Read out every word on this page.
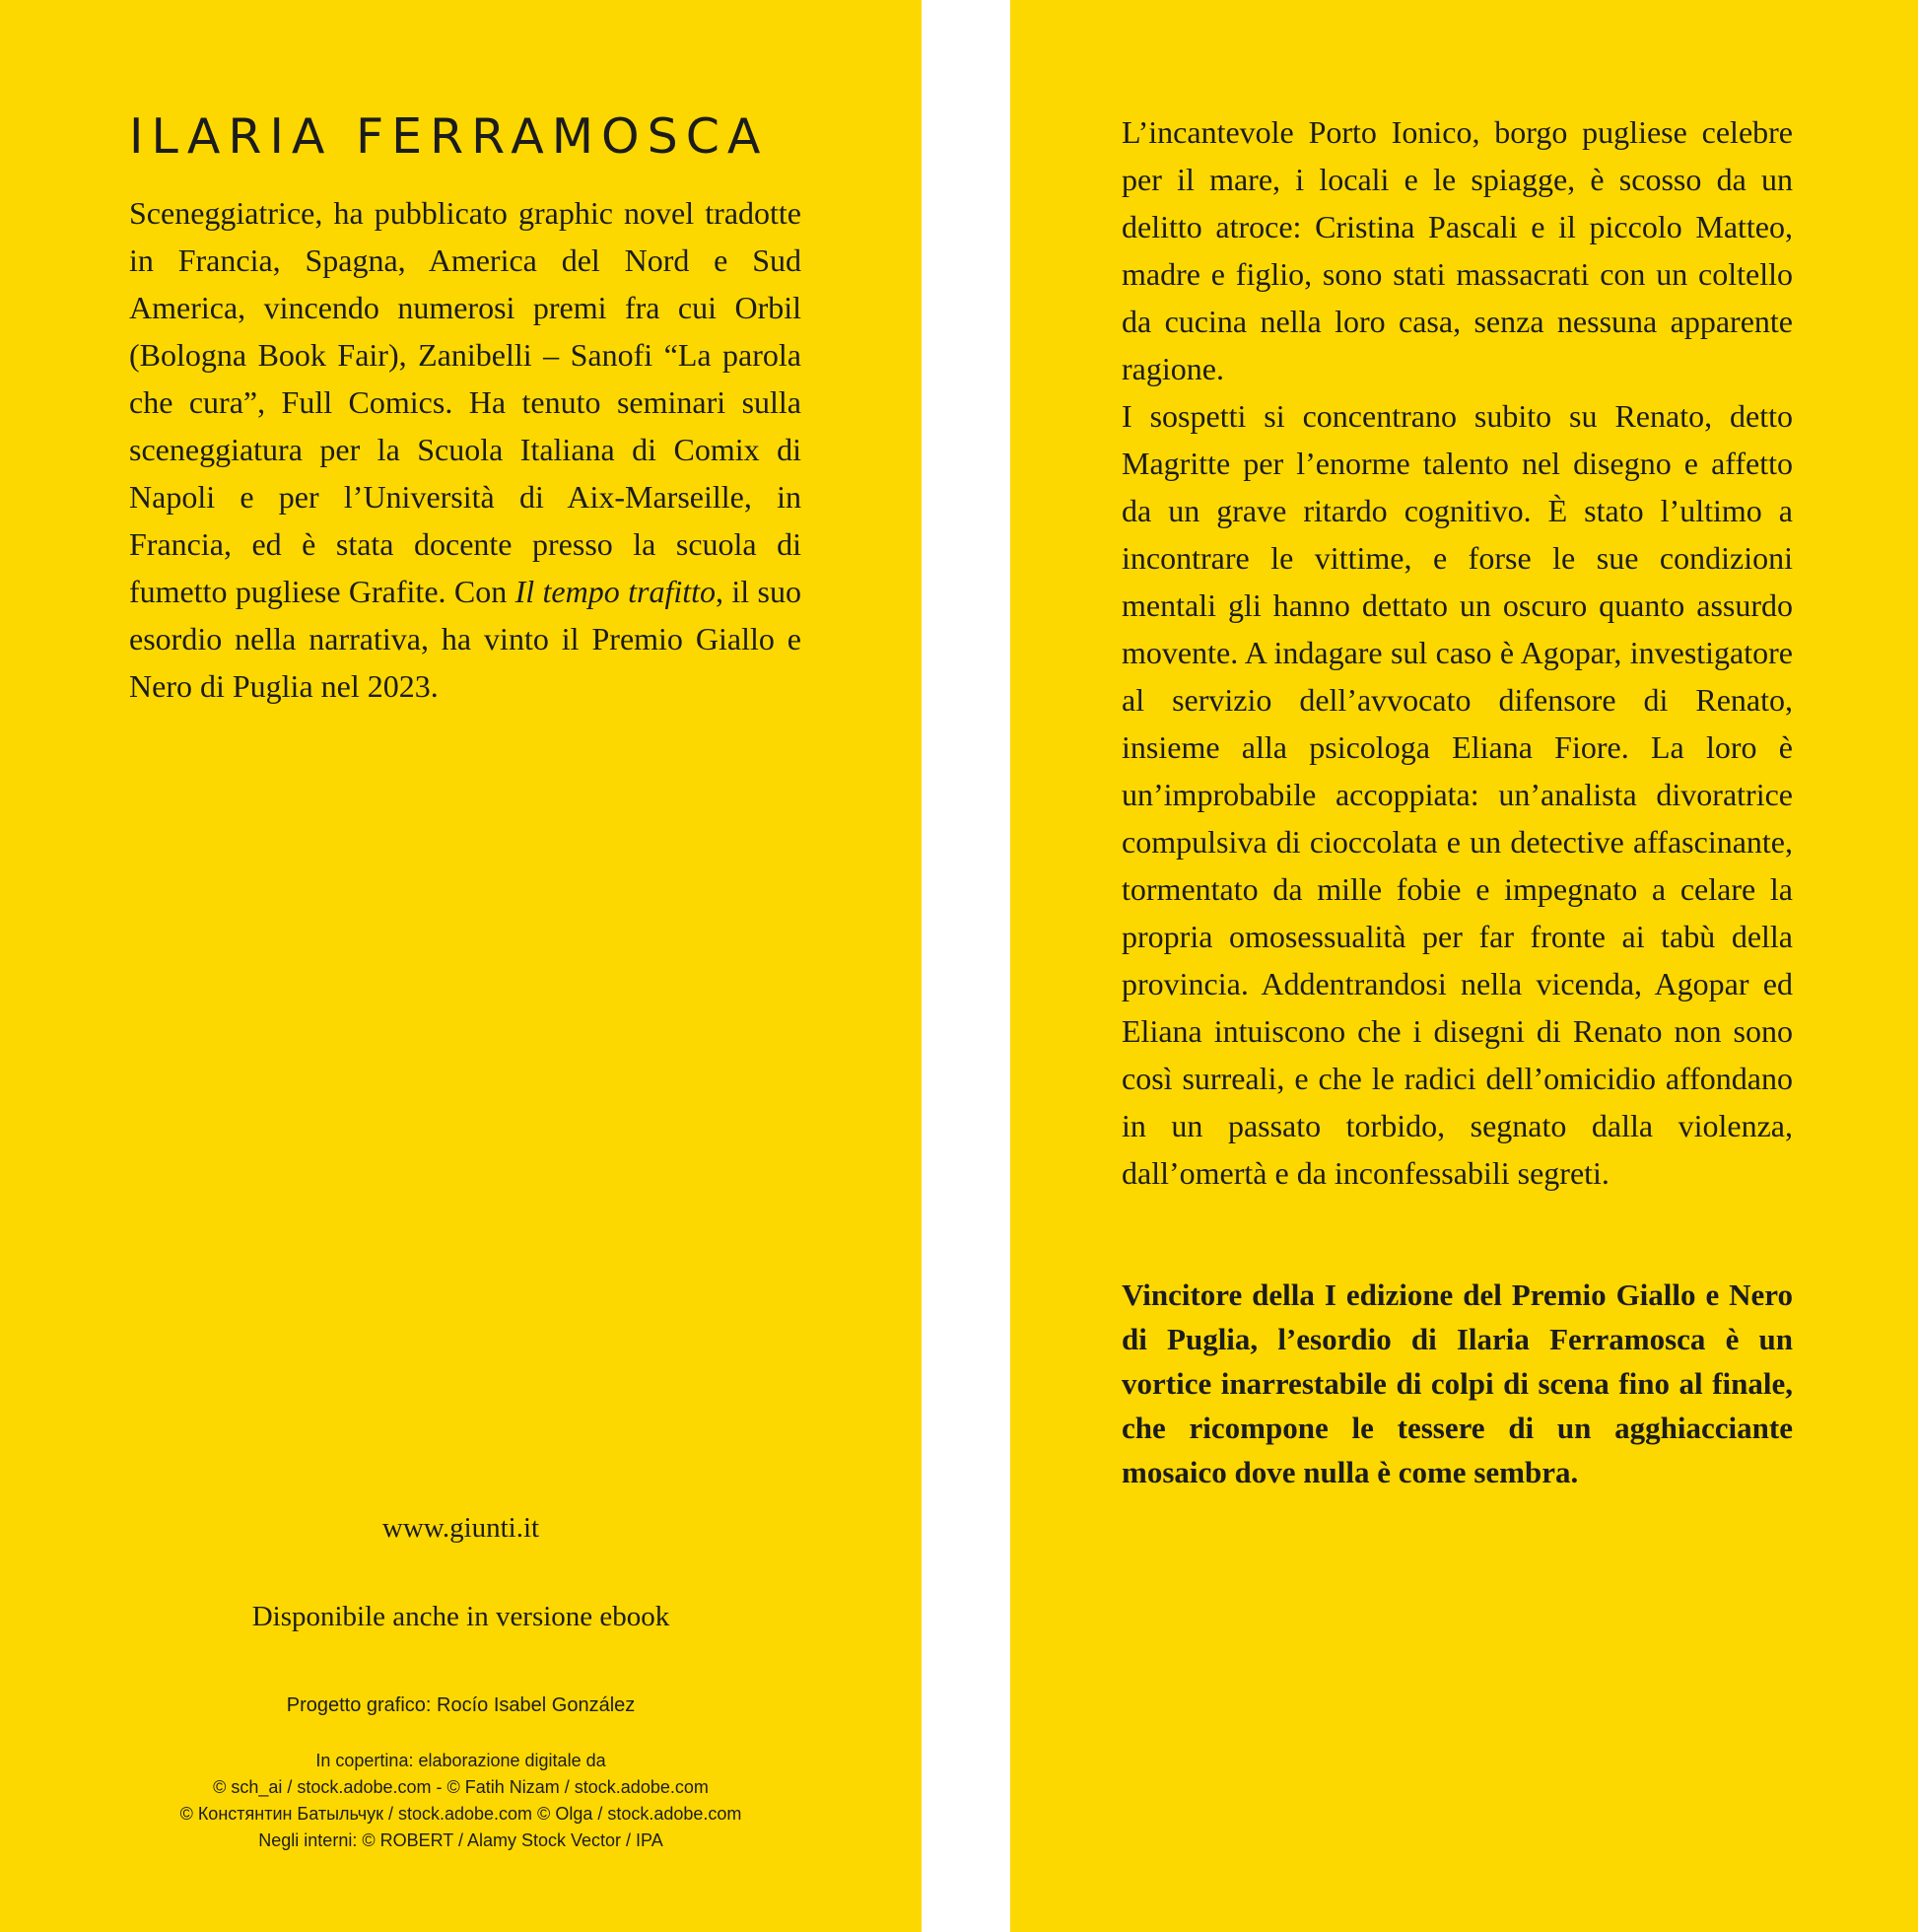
ILARIA FERRAMOSCA

Sceneggiatrice, ha pubblicato graphic novel tradotte in Francia, Spagna, America del Nord e Sud America, vincendo numerosi premi fra cui Orbil (Bologna Book Fair), Zanibelli – Sanofi “La parola che cura”, Full Comics. Ha tenuto seminari sulla sceneggiatura per la Scuola Italiana di Comix di Napoli e per l’Università di Aix-Marseille, in Francia, ed è stata docente presso la scuola di fumetto pugliese Grafite. Con Il tempo trafitto, il suo esordio nella narrativa, ha vinto il Premio Giallo e Nero di Puglia nel 2023.

www.giunti.it
Disponibile anche in versione ebook
Progetto grafico: Rocío Isabel González
In copertina: elaborazione digitale da
© sch_ai / stock.adobe.com - © Fatih Nizam / stock.adobe.com
© Констянтин Батыльчук / stock.adobe.com © Olga / stock.adobe.com
Negli interni: © ROBERT / Alamy Stock Vector / IPA

L’incantevole Porto Ionico, borgo pugliese celebre per il mare, i locali e le spiagge, è scosso da un delitto atroce: Cristina Pascali e il piccolo Matteo, madre e figlio, sono stati massacrati con un coltello da cucina nella loro casa, senza nessuna apparente ragione.

I sospetti si concentrano subito su Renato, detto Magritte per l’enorme talento nel disegno e affetto da un grave ritardo cognitivo. È stato l’ultimo a incontrare le vittime, e forse le sue condizioni mentali gli hanno dettato un oscuro quanto assurdo movente. A indagare sul caso è Agopar, investigatore al servizio dell’avvocato difensore di Renato, insieme alla psicologa Eliana Fiore. La loro è un’improbabile accoppiata: un’analista divoratrice compulsiva di cioccolata e un detective affascinante, tormentato da mille fobie e impegnato a celare la propria omosessualità per far fronte ai tabù della provincia. Addentrandosi nella vicenda, Agopar ed Eliana intuiscono che i disegni di Renato non sono così surreali, e che le radici dell’omicidio affondano in un passato torbido, segnato dalla violenza, dall’omertà e da inconfessabili segreti.

Vincitore della I edizione del Premio Giallo e Nero di Puglia, l’esordio di Ilaria Ferramosca è un vortice inarrestabile di colpi di scena fino al finale, che ricompone le tessere di un agghiacciante mosaico dove nulla è come sembra.
